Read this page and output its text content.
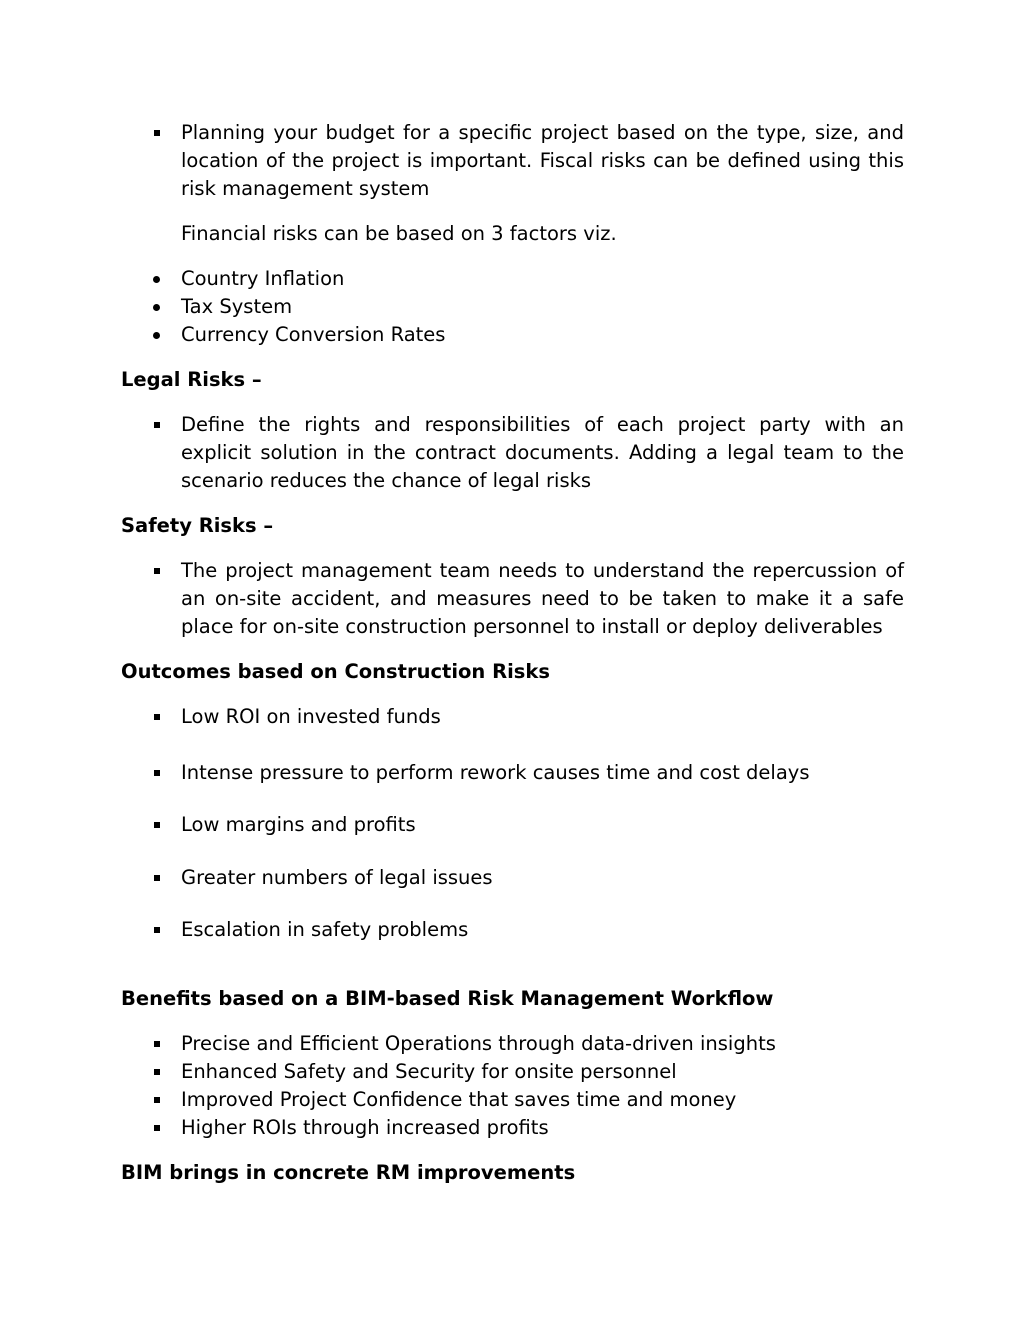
Planning your budget for a specific project based on the type, size, and location of the project is important. Fiscal risks can be defined using this risk management system
Financial risks can be based on 3 factors viz.
Country Inflation
Tax System
Currency Conversion Rates
Legal Risks –
Define the rights and responsibilities of each project party with an explicit solution in the contract documents. Adding a legal team to the scenario reduces the chance of legal risks
Safety Risks –
The project management team needs to understand the repercussion of an on-site accident, and measures need to be taken to make it a safe place for on-site construction personnel to install or deploy deliverables
Outcomes based on Construction Risks
Low ROI on invested funds
Intense pressure to perform rework causes time and cost delays
Low margins and profits
Greater numbers of legal issues
Escalation in safety problems
Benefits based on a BIM-based Risk Management Workflow
Precise and Efficient Operations through data-driven insights
Enhanced Safety and Security for onsite personnel
Improved Project Confidence that saves time and money
Higher ROIs through increased profits
BIM brings in concrete RM improvements
